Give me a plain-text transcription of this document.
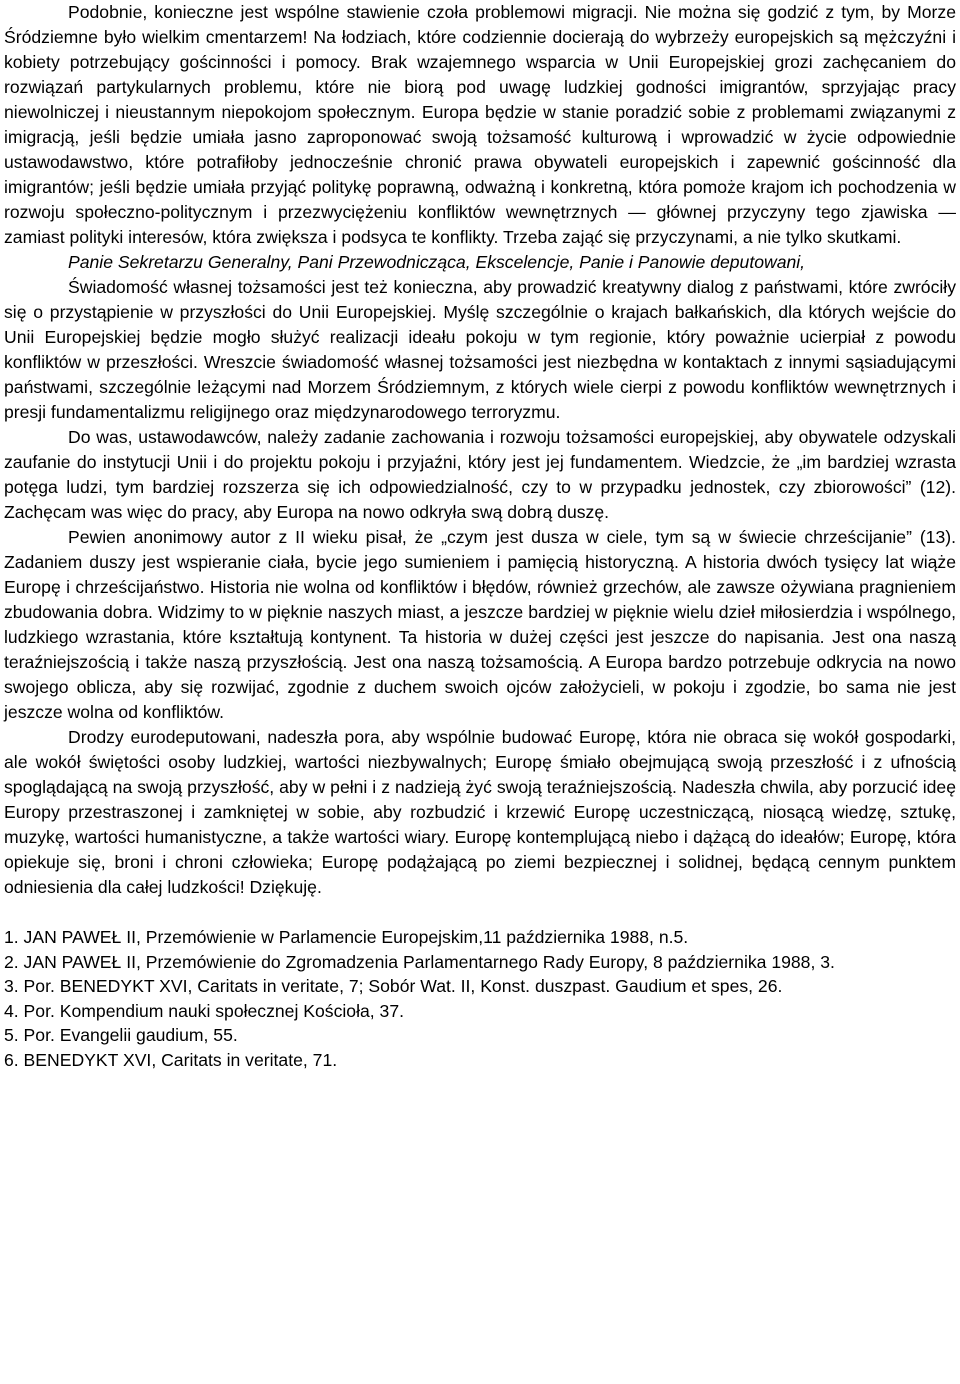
Podobnie, konieczne jest wspólne stawienie czoła problemowi migracji. Nie można się godzić z tym, by Morze Śródziemne było wielkim cmentarzem! Na łodziach, które codziennie docierają do wybrzeży europejskich są mężczyźni i kobiety potrzebujący gościnności i pomocy. Brak wzajemnego wsparcia w Unii Europejskiej grozi zachęcaniem do rozwiązań partykularnych problemu, które nie biorą pod uwagę ludzkiej godności imigrantów, sprzyjając pracy niewolniczej i nieustannym niepokojom społecznym. Europa będzie w stanie poradzić sobie z problemami związanymi z imigracją, jeśli będzie umiała jasno zaproponować swoją tożsamość kulturową i wprowadzić w życie odpowiednie ustawodawstwo, które potrafiłoby jednocześnie chronić prawa obywateli europejskich i zapewnić gościnność dla imigrantów; jeśli będzie umiała przyjąć politykę poprawną, odważną i konkretną, która pomoże krajom ich pochodzenia w rozwoju społeczno-politycznym i przezwyciężeniu konfliktów wewnętrznych — głównej przyczyny tego zjawiska — zamiast polityki interesów, która zwiększa i podsyca te konflikty. Trzeba zająć się przyczynami, a nie tylko skutkami.

Panie Sekretarzu Generalny, Pani Przewodnicząca, Ekscelencje, Panie i Panowie deputowani,

Świadomość własnej tożsamości jest też konieczna, aby prowadzić kreatywny dialog z państwami, które zwróciły się o przystąpienie w przyszłości do Unii Europejskiej. Myślę szczególnie o krajach bałkańskich, dla których wejście do Unii Europejskiej będzie mogło służyć realizacji ideału pokoju w tym regionie, który poważnie ucierpiał z powodu konfliktów w przeszłości. Wreszcie świadomość własnej tożsamości jest niezbędna w kontaktach z innymi sąsiadującymi państwami, szczególnie leżącymi nad Morzem Śródziemnym, z których wiele cierpi z powodu konfliktów wewnętrznych i presji fundamentalizmu religijnego oraz międzynarodowego terroryzmu.

Do was, ustawodawców, należy zadanie zachowania i rozwoju tożsamości europejskiej, aby obywatele odzyskali zaufanie do instytucji Unii i do projektu pokoju i przyjaźni, który jest jej fundamentem. Wiedzcie, że „im bardziej wzrasta potęga ludzi, tym bardziej rozszerza się ich odpowiedzialność, czy to w przypadku jednostek, czy zbiorowości” (12). Zachęcam was więc do pracy, aby Europa na nowo odkryła swą dobrą duszę.

Pewien anonimowy autor z II wieku pisał, że „czym jest dusza w ciele, tym są w świecie chrześcijanie” (13). Zadaniem duszy jest wspieranie ciała, bycie jego sumieniem i pamięcią historyczną. A historia dwóch tysięcy lat wiąże Europę i chrześcijaństwo. Historia nie wolna od konfliktów i błędów, również grzechów, ale zawsze ożywiana pragnieniem zbudowania dobra. Widzimy to w pięknie naszych miast, a jeszcze bardziej w pięknie wielu dzieł miłosierdzia i wspólnego, ludzkiego wzrastania, które kształtują kontynent. Ta historia w dużej części jest jeszcze do napisania. Jest ona naszą teraźniejszością i także naszą przyszłością. Jest ona naszą tożsamością. A Europa bardzo potrzebuje odkrycia na nowo swojego oblicza, aby się rozwijać, zgodnie z duchem swoich ojców założycieli, w pokoju i zgodzie, bo sama nie jest jeszcze wolna od konfliktów.

Drodzy eurodeputowani, nadeszła pora, aby wspólnie budować Europę, która nie obraca się wokół gospodarki, ale wokół świętości osoby ludzkiej, wartości niezbywalnych; Europę śmiało obejmującą swoją przeszłość i z ufnością spoglądającą na swoją przyszłość, aby w pełni i z nadzieją żyć swoją teraźniejszością. Nadeszła chwila, aby porzucić ideę Europy przestraszonej i zamkniętej w sobie, aby rozbudzić i krzewić Europę uczestniczącą, niosącą wiedzę, sztukę, muzykę, wartości humanistyczne, a także wartości wiary. Europę kontemplującą niebo i dążącą do ideałów; Europę, która opiekuje się, broni i chroni człowieka; Europę podążającą po ziemi bezpiecznej i solidnej, będącą cennym punktem odniesienia dla całej ludzkości! Dziękuję.

1. JAN PAWEŁ II, Przemówienie w Parlamencie Europejskim,11 października 1988, n.5.

2. JAN PAWEŁ II, Przemówienie do Zgromadzenia Parlamentarnego Rady Europy, 8 października 1988, 3.

3. Por. BENEDYKT XVI, Caritats in veritate, 7; Sobór Wat. II, Konst. duszpast. Gaudium et spes, 26.

4. Por. Kompendium nauki społecznej Kościoła, 37.

5. Por. Evangelii gaudium, 55.

6. BENEDYKT XVI, Caritats in veritate, 71.
